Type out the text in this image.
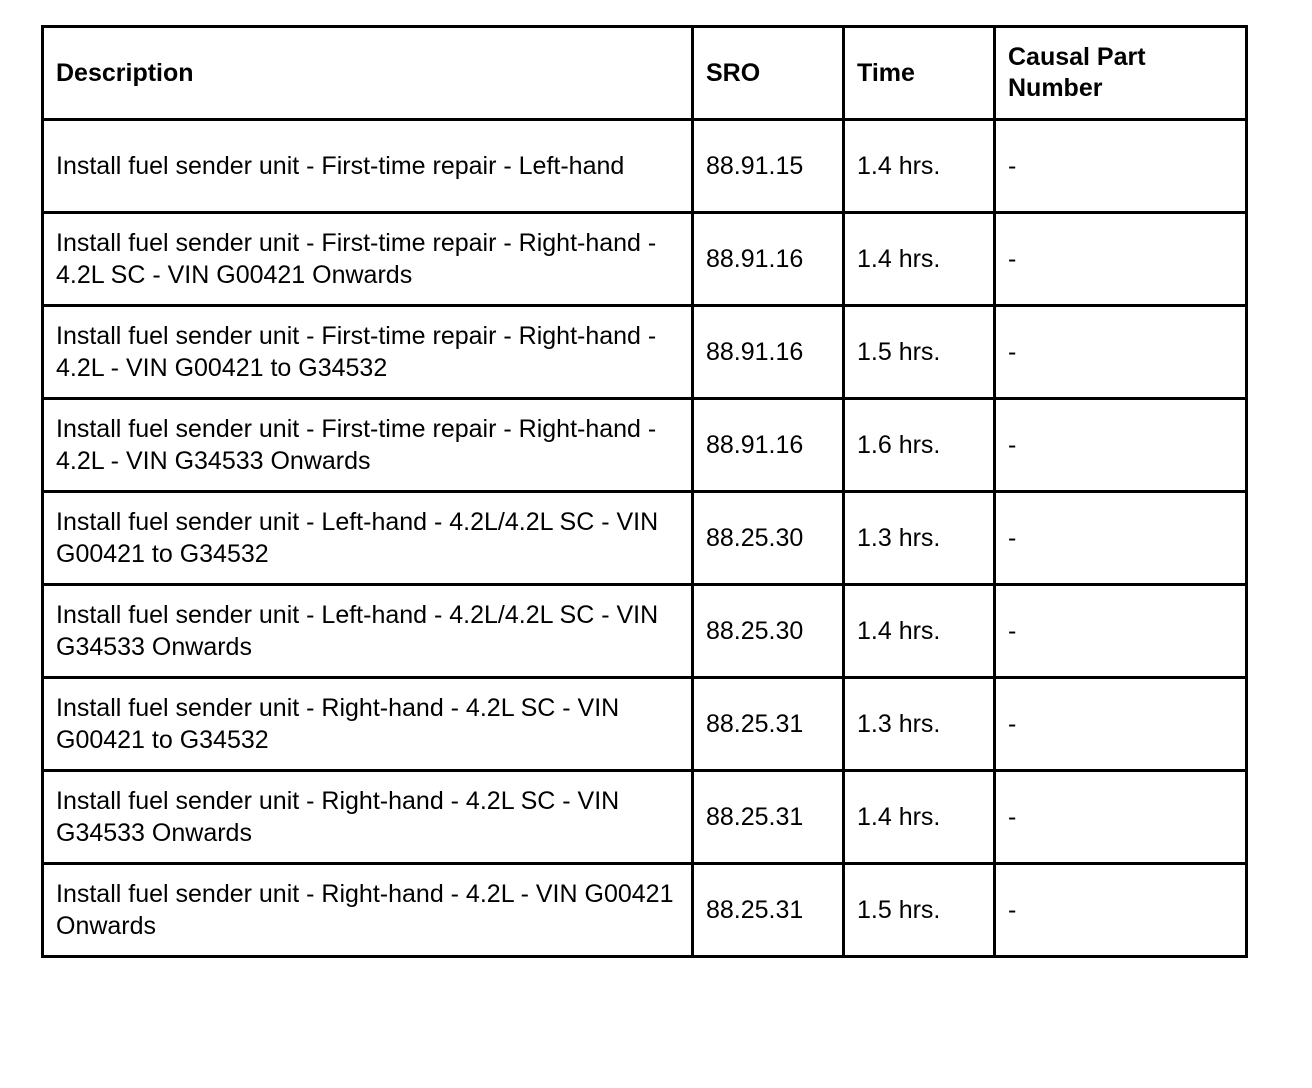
Description	SRO	Time	Causal Part Number
Install fuel sender unit - First-time repair - Left-hand	88.91.15	1.4 hrs.	-
Install fuel sender unit - First-time repair - Right-hand - 4.2L SC - VIN G00421 Onwards	88.91.16	1.4 hrs.	-
Install fuel sender unit - First-time repair - Right-hand - 4.2L - VIN G00421 to G34532	88.91.16	1.5 hrs.	-
Install fuel sender unit - First-time repair - Right-hand - 4.2L - VIN G34533 Onwards	88.91.16	1.6 hrs.	-
Install fuel sender unit - Left-hand - 4.2L/4.2L SC - VIN G00421 to G34532	88.25.30	1.3 hrs.	-
Install fuel sender unit - Left-hand - 4.2L/4.2L SC - VIN G34533 Onwards	88.25.30	1.4 hrs.	-
Install fuel sender unit - Right-hand - 4.2L SC - VIN G00421 to G34532	88.25.31	1.3 hrs.	-
Install fuel sender unit - Right-hand - 4.2L SC - VIN G34533 Onwards	88.25.31	1.4 hrs.	-
Install fuel sender unit - Right-hand - 4.2L - VIN G00421 Onwards	88.25.31	1.5 hrs.	-
